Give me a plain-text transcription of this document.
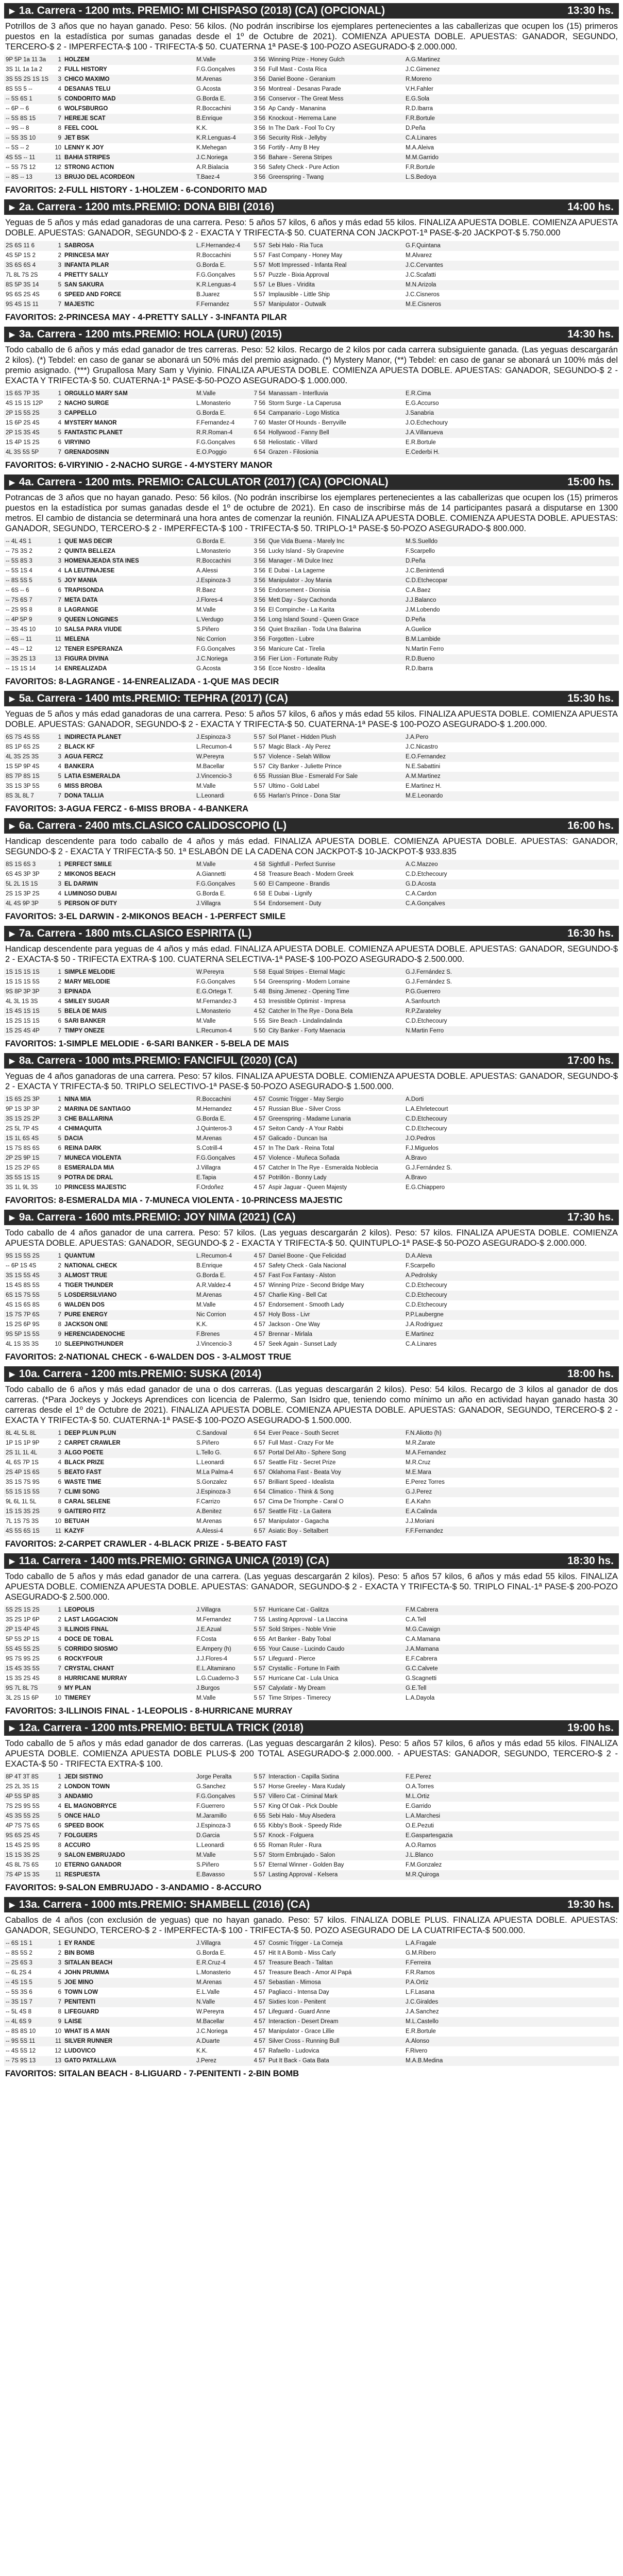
▶ 1a. Carrera - 1200 mts. PREMIO: MI CHISPASO (2018) (CA) (OPCIONAL)	13:30 hs.
Potrillos de 3 años que no hayan ganado. Peso: 56 kilos. (No podrán inscribirse los ejemplares pertenecientes a las caballerizas que ocupen los (15) primeros puestos en la estadística por sumas ganadas desde el 1º de Octubre de 2021). COMIENZA APUESTA DOBLE. APUESTAS: GANADOR, SEGUNDO, TERCERO-$ 2 - IMPERFECTA-$ 100 - TRIFECTA-$ 50. CUATERNA 1ª PASE-$ 100-POZO ASEGURADO-$ 2.000.000.
9P 5P 1a 11 3a	1	HOLZEM	M.Valle	3 56	Winning Prize - Honey Gulch	A.G.Martinez
3S 1L 1a 1a 2	2	FULL HISTORY	F.G.Gonçalves	3 56	Full Mast - Costa Rica	J.C.Gimenez
3S 5S 2S 1S 1S	3	CHICO MAXIMO	M.Arenas	3 56	Daniel Boone - Geranium	R.Moreno
8S 5S 5 --	4	DESANAS TELU	G.Acosta	3 56	Montreal - Desanas Parade	V.H.Fahler
-- 5S 6S 1	5	CONDORITO MAD	G.Borda E.	3 56	Conservor - The Great Mess	E.G.Sola
-- 6P -- 6	6	WOLFSBURGO	R.Boccachini	3 56	Ap Candy - Mananina	R.D.Ibarra
-- 5S 8S 15	7	HEREJE SCAT	B.Enrique	3 56	Knockout - Herrema Lane	F.R.Bortule
-- 9S -- 8	8	FEEL COOL	K.K.	3 56	In The Dark - Fool To Cry	D.Peña
-- 5S 3S 10	9	JET BSK	K.R.Lenguas-4	3 56	Security Risk - Jellyby	C.A.Linares
-- 5S -- 2	10	LENNY K JOY	K.Mehegan	3 56	Fortify - Amy B Hey	M.A.Aleiva
4S 5S -- 11	11	BAHIA STRIPES	J.C.Noriega	3 56	Bahare - Serena Stripes	M.M.Garrido
-- 5S 7S 12	12	STRONG ACTION	A.R.Bialacia	3 56	Safety Check - Pure Action	F.R.Bortule
-- 8S -- 13	13	BRUJO DEL ACORDEON	T.Baez-4	3 56	Greenspring - Twang	L.S.Bedoya
FAVORITOS: 2-FULL HISTORY - 1-HOLZEM - 6-CONDORITO MAD
▶ 2a. Carrera - 1200 mts.PREMIO: DONA BIBI (2016)	14:00 hs.
Yeguas de 5 años y más edad ganadoras de una carrera. Peso: 5 años 57 kilos, 6 años y más edad 55 kilos. FINALIZA APUESTA DOBLE. COMIENZA APUESTA DOBLE. APUESTAS: GANADOR, SEGUNDO-$ 2 - EXACTA Y TRIFECTA-$ 50. CUATERNA CON JACKPOT-1ª PASE-$-20 JACKPOT-$ 5.750.000
2S 6S 11 6	1	SABROSA	L.F.Hernandez-4	5 57	Sebi Halo - Ria Tuca	G.F.Quintana
4S 5P 1S 2	2	PRINCESA MAY	R.Boccachini	5 57	Fast Company - Honey May	M.Alvarez
3S 6S 6S 4	3	INFANTA PILAR	G.Borda E.	5 57	Mott Impressed - Infanta Real	J.C.Cervantes
7L 8L 7S 2S	4	PRETTY SALLY	F.G.Gonçalves	5 57	Puzzle - Bixia Approval	J.C.Scafatti
8S 5P 3S 14	5	SAN SAKURA	K.R.Lenguas-4	5 57	Le Blues - Viridita	M.N.Arizola
9S 6S 2S 4S	6	SPEED AND FORCE	B.Juarez	5 57	Implausible - Little Ship	J.C.Cisneros
9S 4S 1S 11	7	MAJESTIC	F.Fernandez	5 57	Manipulator - Outwalk	M.E.Cisneros
FAVORITOS: 2-PRINCESA MAY - 4-PRETTY SALLY - 3-INFANTA PILAR
▶ 3a. Carrera - 1200 mts.PREMIO: HOLA (URU) (2015)	14:30 hs.
Todo caballo de 6 años y más edad ganador de tres carreras. Peso: 52 kilos. Recargo de 2 kilos por cada carrera subsiguiente ganada. (Las yeguas descargarán 2 kilos). (*) Tebdel: en caso de ganar se abonará un 50% más del premio asignado. (*) Mystery Manor, (**) Tebdel: en caso de ganar se abonará un 100% más del premio asignado. (***) Grupallosa Mary Sam y Viyinio. FINALIZA APUESTA DOBLE. COMIENZA APUESTA DOBLE. APUESTAS: GANADOR, SEGUNDO-$ 2 - EXACTA Y TRIFECTA-$ 50. CUATERNA-1ª PASE-$-50-POZO ASEGURADO-$ 1.000.000.
1S 6S 7P 3S	1	ORGULLO MARY SAM	M.Valle	7 54	Manassam - Interlluvia	E.R.Cima
4S 1S 1S 12P	2	NACHO SURGE	L.Monasterio	7 56	Storm Surge - La Caperusa	E.G.Accurso
2P 1S 5S 2S	3	CAPPELLO	G.Borda E.	6 54	Campanario - Logo Mistica	J.Sanabria
1S 6P 2S 4S	4	MYSTERY MANOR	F.Fernandez-4	7 60	Master Of Hounds - Berryville	J.O.Echechoury
2P 1S 3S 4S	5	FANTASTIC PLANET	R.R.Roman-4	6 54	Hollywood - Fanny Bell	J.A.Villanueva
1S 4P 1S 2S	6	VIRYINIO	F.G.Gonçalves	6 58	Heliostatic - Villard	E.R.Bortule
4L 3S 5S 5P	7	GRENADOSINN	E.O.Poggio	6 54	Grazen - Filosionia	E.Cederbi H.
FAVORITOS: 6-VIRYINIO - 2-NACHO SURGE - 4-MYSTERY MANOR
▶ 4a. Carrera - 1200 mts. PREMIO: CALCULATOR (2017) (CA) (OPCIONAL)	15:00 hs.
Potrancas de 3 años que no hayan ganado. Peso: 56 kilos. (No podrán inscribirse los ejemplares pertenecientes a las caballerizas que ocupen los (15) primeros puestos en la estadística por sumas ganadas desde el 1º de octubre de 2021). En caso de inscribirse más de 14 participantes pasará a disputarse en 1300 metros. El cambio de distancia se determinará una hora antes de comenzar la reunión. FINALIZA APUESTA DOBLE. COMIENZA APUESTA DOBLE. APUESTAS: GANADOR, SEGUNDO, TERCERO-$ 2 - IMPERFECTA-$ 100 - TRIFECTA-$ 50. TRIPLO-1ª PASE-$ 50-POZO ASEGURADO-$ 800.000.
-- 4L 4S 1	1	QUE MAS DECIR	G.Borda E.	3 56	Que Vida Buena - Marely Inc	M.S.Suelldo
-- 7S 3S 2	2	QUINTA BELLEZA	L.Monasterio	3 56	Lucky Island - Sly Grapevine	F.Scarpello
-- 5S 8S 3	3	HOMENAJEADA STA INES	R.Boccachini	3 56	Manager - Mi Dulce Inez	D.Peña
-- 5S 1S 4	4	LA LEUTINAJESE	A.Alessi	3 56	E Dubai - La Lagerne	J.C.Benintendi
-- 8S 5S 5	5	JOY MANIA	J.Espinoza-3	3 56	Manipulator - Joy Mania	C.D.Etchecopar
-- 6S -- 6	6	TRAPISONDA	R.Baez	3 56	Endorsement - Dionisia	C.A.Baez
-- 7S 6S 7	7	META DATA	J.Flores-4	3 56	Mett Day - Soy Cachonda	J.J.Balanco
-- 2S 9S 8	8	LAGRANGE	M.Valle	3 56	El Compinche - La Karita	J.M.Lobendo
-- 4P 5P 9	9	QUEEN LONGINES	L.Verdugo	3 56	Long Island Sound - Queen Grace	D.Peña
-- 3S 4S 10	10	SALSA PARA VIUDE	S.Piñero	3 56	Quiet Brazilian - Toda Una Balarina	A.Guelice
-- 6S -- 11	11	MELENA	Nic Corrion	3 56	Forgotten - Lubre	B.M.Lambide
-- 4S -- 12	12	TENER ESPERANZA	F.G.Gonçalves	3 56	Manicure Cat - Tirelia	N.Martin Ferro
-- 3S 2S 13	13	FIGURA DIVINA	J.C.Noriega	3 56	Fier Lion - Fortunate Ruby	R.D.Bueno
-- 1S 1S 14	14	ENREALIZADA	G.Acosta	3 56	Ecce Nostro - Idealita	R.D.Ibarra
FAVORITOS: 8-LAGRANGE - 14-ENREALIZADA - 1-QUE MAS DECIR
▶ 5a. Carrera - 1400 mts.PREMIO: TEPHRA (2017) (CA)	15:30 hs.
Yeguas de 5 años y más edad ganadoras de una carrera. Peso: 5 años 57 kilos, 6 años y más edad 55 kilos. FINALIZA APUESTA DOBLE. COMIENZA APUESTA DOBLE. APUESTAS: GANADOR, SEGUNDO-$ 2 - EXACTA Y TRIFECTA-$ 50. CUATERNA-1ª PASE-$ 100-POZO ASEGURADO-$ 1.200.000.
6S 7S 4S 5S	1	INDIRECTA PLANET	J.Espinoza-3	5 57	Sol Planet - Hidden Plush	J.A.Pero
8S 1P 6S 2S	2	BLACK KF	L.Recumon-4	5 57	Magic Black - Aly Perez	J.C.Nicastro
4L 3S 2S 3S	3	AGUA FERCZ	W.Pereyra	5 57	Violence - Selah Willow	E.O.Fernandez
1S 5P 9P 4S	4	BANKERA	M.Bacellar	5 57	City Banker - Juliette Prince	N.E.Sabattini
8S 7P 8S 1S	5	LATIA ESMERALDA	J.Vincencio-3	6 55	Russian Blue - Esmerald For Sale	A.M.Martinez
3S 1S 3P 5S	6	MISS BROBA	M.Valle	5 57	Ultimo - Gold Label	E.Martinez H.
8S 3L 8L 7	7	DONA TALLIA	L.Leonardi	6 55	Harlan's Prince - Dona Star	M.E.Leonardo
FAVORITOS: 3-AGUA FERCZ - 6-MISS BROBA - 4-BANKERA
▶ 6a. Carrera - 2400 mts.CLASICO CALIDOSCOPIO (L)	16:00 hs.
Handicap descendente para todo caballo de 4 años y más edad. FINALIZA APUESTA DOBLE. COMIENZA APUESTA DOBLE. APUESTAS: GANADOR, SEGUNDO-$ 2 - EXACTA Y TRIFECTA-$ 50. 1ª ESLABÓN DE LA CADENA CON JACKPOT-$ 10-JACKPOT-$ 933.835
8S 1S 6S 3	1	PERFECT SMILE	M.Valle	4 58	Sightfull - Perfect Sunrise	A.C.Mazzeo
6S 4S 3P 3P	2	MIKONOS BEACH	A.Giannetti	4 58	Treasure Beach - Modern Greek	C.D.Etchecoury
5L 2L 1S 1S	3	EL DARWIN	F.G.Gonçalves	5 60	El Campeone - Brandis	G.D.Acosta
2S 1S 3P 2S	4	LUMINOSO DUBAI	G.Borda E.	6 58	E Dubai - Lignify	C.A.Cardon
4L 4S 9P 3P	5	PERSON OF DUTY	J.Villagra	5 54	Endorsement - Duty	C.A.Gonçalves
FAVORITOS: 3-EL DARWIN - 2-MIKONOS BEACH - 1-PERFECT SMILE
▶ 7a. Carrera - 1800 mts.CLASICO ESPIRITA (L)	16:30 hs.
Handicap descendente para yeguas de 4 años y más edad. FINALIZA APUESTA DOBLE. COMIENZA APUESTA DOBLE. APUESTAS: GANADOR, SEGUNDO-$ 2 - EXACTA-$ 50 - TRIFECTA EXTRA-$ 100. CUATERNA SELECTIVA-1ª PASE-$ 100-POZO ASEGURADO-$ 2.500.000.
1S 1S 1S 1S	1	SIMPLE MELODIE	W.Pereyra	5 58	Equal Stripes - Eternal Magic	G.J.Fernández S.
1S 1S 1S 5S	2	MARY MELODIE	F.G.Gonçalves	5 54	Greenspring - Modern Lorraine	G.J.Fernández S.
9S 8P 3P 3P	3	EPINADA	E.G.Ortega T.	5 48	Bsing Jimenez - Opening Time	P.G.Guerrero
4L 3L 1S 3S	4	SMILEY SUGAR	M.Fernandez-3	4 53	Irresistible Optimist - Impresa	A.Sanfourtch
1S 4S 1S 1S	5	BELA DE MAIS	L.Monasterio	4 52	Catcher In The Rye - Dona Bela	R.P.Zarateley
1S 2S 1S 1S	6	SARI BANKER	M.Valle	5 55	Sire Beach - Lindalindalinda	C.D.Etchecoury
1S 2S 4S 4P	7	TIMPY ONEZE	L.Recumon-4	5 50	City Banker - Forty Maenacia	N.Martin Ferro
FAVORITOS: 1-SIMPLE MELODIE - 6-SARI BANKER - 5-BELA DE MAIS
▶ 8a. Carrera - 1000 mts.PREMIO: FANCIFUL (2020) (CA)	17:00 hs.
Yeguas de 4 años ganadoras de una carrera. Peso: 57 kilos. FINALIZA APUESTA DOBLE. COMIENZA APUESTA DOBLE. APUESTAS: GANADOR, SEGUNDO-$ 2 - EXACTA Y TRIFECTA-$ 50. TRIPLO SELECTIVO-1ª PASE-$ 50-POZO ASEGURADO-$ 1.500.000.
1S 6S 2S 3P	1	NINA MIA	R.Boccachini	4 57	Cosmic Trigger - May Sergio	A.Dorti
9P 1S 3P 3P	2	MARINA DE SANTIAGO	M.Hernandez	4 57	Russian Blue - Silver Cross	L.A.Ehrletecourt
3S 1S 2S 2P	3	CHE BALLARINA	G.Borda E.	4 57	Greenspring - Madame Lunaria	C.D.Etchecoury
2S 5L 7P 4S	4	CHIMAQUITA	J.Quinteros-3	4 57	Seiton Candy - A Your Rabbi	C.D.Etchecoury
1S 1L 6S 4S	5	DACIA	M.Arenas	4 57	Galicado - Duncan Isa	J.O.Pedros
1S 7S 8S 6S	6	REINA DARK	S.Cotrill-4	4 57	In The Dark - Reina Total	F.J.Miguelos
2P 2S 9P 1S	7	MUNECA VIOLENTA	F.G.Gonçalves	4 57	Violence - Muñeca Soñada	A.Bravo
1S 2S 2P 6S	8	ESMERALDA MIA	J.Villagra	4 57	Catcher In The Rye - Esmeralda Noblecia	G.J.Fernández S.
3S 5S 1S 1S	9	POTRA DE DRAL	E.Tapia	4 57	Potrillón - Bonny Lady	A.Bravo
3S 1L 9L 3S	10	PRINCESS MAJESTIC	F.Ordoñez	4 57	Aspir Jaguar - Queen Majesty	E.G.Chiappero
FAVORITOS: 8-ESMERALDA MIA - 7-MUNECA VIOLENTA - 10-PRINCESS MAJESTIC
▶ 9a. Carrera - 1600 mts.PREMIO: JOY NIMA (2021) (CA)	17:30 hs.
Todo caballo de 4 años ganador de una carrera. Peso: 57 kilos. (Las yeguas descargarán 2 kilos). Peso: 57 kilos. FINALIZA APUESTA DOBLE. COMIENZA APUESTA DOBLE. APUESTAS: GANADOR, SEGUNDO-$ 2 - EXACTA Y TRIFECTA-$ 50. QUINTUPLO-1ª PASE-$ 50-POZO ASEGURADO-$ 2.000.000.
9S 1S 5S 2S	1	QUANTUM	L.Recumon-4	4 57	Daniel Boone - Que Felicidad	D.A.Aleva
-- 6P 1S 4S	2	NATIONAL CHECK	B.Enrique	4 57	Safety Check - Gala Nacional	F.Scarpello
3S 1S 5S 4S	3	ALMOST TRUE	G.Borda E.	4 57	Fast Fox Fantasy - Alston	A.Pedrolsky
1S 4S 8S 5S	4	TIGER THUNDER	A.R.Valdez-4	4 57	Winning Prize - Second Bridge Mary	C.D.Etchecoury
6S 1S 7S 5S	5	LOSDERSILVIANO	M.Arenas	4 57	Charlie King - Bell Cat	C.D.Etchecoury
4S 1S 6S 8S	6	WALDEN DOS	M.Valle	4 57	Endorsement - Smooth Lady	C.D.Etchecoury
1S 7S 7P 6S	7	PURE ENERGY	Nic Corrion	4 57	Holy Boss - Livr	P.P.Laubergne
1S 2S 6P 9S	8	JACKSON ONE	K.K.	4 57	Jackson - One Way	J.A.Rodriguez
9S 5P 1S 5S	9	HERENCIADENOCHE	F.Brenes	4 57	Brennar - Mirlala	E.Martinez
4L 1S 3S 3S	10	SLEEPINGTHUNDER	J.Vincencio-3	4 57	Seek Again - Sunset Lady	C.A.Linares
FAVORITOS: 2-NATIONAL CHECK - 6-WALDEN DOS - 3-ALMOST TRUE
▶ 10a. Carrera - 1200 mts.PREMIO: SUSKA (2014)	18:00 hs.
Todo caballo de 6 años y más edad ganador de una o dos carreras. (Las yeguas descargarán 2 kilos). Peso: 54 kilos. Recargo de 3 kilos al ganador de dos carreras. (*Para Jockeys y Jockeys Aprendices con licencia de Palermo, San Isidro que, teniendo como mínimo un año en actividad hayan ganado hasta 30 carreras desde el 1º de Octubre de 2021). FINALIZA APUESTA DOBLE. COMIENZA APUESTA DOBLE. APUESTAS: GANADOR, SEGUNDO, TERCERO-$ 2 - EXACTA Y TRIFECTA-$ 50. CUATERNA-1ª PASE-$ 100-POZO ASEGURADO-$ 1.500.000.
8L 4L 5L 8L	1	DEEP PLUN PLUN	C.Sandoval	6 54	Ever Peace - South Secret	F.N.Aliotto (h)
1P 1S 1P 9P	2	CARPET CRAWLER	S.Piñero	6 57	Full Mast - Crazy For Me	M.R.Zarate
2S 1L 1L 4L	3	ALGO POETE	L.Tello G.	6 57	Portal Del Alto - Sphere Song	M.A.Fernandez
4L 6S 7P 1S	4	BLACK PRIZE	L.Leonardi	6 57	Seattle Fitz - Secret Prize	M.R.Cruz
2S 4P 1S 6S	5	BEATO FAST	M.La Palma-4	6 57	Oklahoma Fast - Beata Voy	M.E.Mara
3S 1S 7S 9S	6	WASTE TIME	S.Gonzalez	6 57	Brilliant Speed - Idealista	E.Perez Torres
5S 1S 1S 5S	7	CLIMI SONG	J.Espinoza-3	6 54	Climatico - Think & Song	G.J.Perez
9L 6L 1L 5L	8	CARAL SELENE	F.Carrizo	6 57	Cima De Triomphe - Caral O	E.A.Kahn
1S 1S 3S 2S	9	GAITERO FITZ	A.Benitez	6 57	Seattle Fitz - La Gaitera	E.A.Calinda
7L 1S 7S 3S	10	BETUAH	M.Arenas	6 57	Manipulator - Gagacha	J.J.Moriani
4S 5S 6S 1S	11	KAZYF	A.Alessi-4	6 57	Asiatic Boy - Seltalbert	F.F.Fernandez
FAVORITOS: 2-CARPET CRAWLER - 4-BLACK PRIZE - 5-BEATO FAST
▶ 11a. Carrera - 1400 mts.PREMIO: GRINGA UNICA (2019) (CA)	18:30 hs.
Todo caballo de 5 años y más edad ganador de una carrera. (Las yeguas descargarán 2 kilos). Peso: 5 años 57 kilos, 6 años y más edad 55 kilos. FINALIZA APUESTA DOBLE. COMIENZA APUESTA DOBLE. APUESTAS: GANADOR, SEGUNDO-$ 2 - EXACTA Y TRIFECTA-$ 50. TRIPLO FINAL-1ª PASE-$ 200-POZO ASEGURADO-$ 2.500.000.
5S 2S 1S 2S	1	LEOPOLIS	J.Villagra	5 57	Hurricane Cat - Galitza	F.M.Cabrera
3S 2S 1P 6P	2	LAST LAGGACION	M.Fernandez	7 55	Lasting Approval - La Llaccina	C.A.Tell
2P 1S 4P 4S	3	ILLINOIS FINAL	J.E.Azual	5 57	Sold Stripes - Noble Vinie	M.G.Cavaign
5P 5S 2P 1S	4	DOCE DE TOBAL	F.Costa	6 55	Art Banker - Baby Tobal	C.A.Mamana
5S 4S 5S 2S	5	CORRIDO SIOSMO	E.Ampery (h)	6 55	Your Cause - Lucindo Caudo	J.A.Mamana
9S 7S 9S 2S	6	ROCKYFOUR	J.J.Flores-4	5 57	Lifeguard - Pierce	E.F.Cabrera
1S 4S 3S 5S	7	CRYSTAL CHANT	E.L.Altamirano	5 57	Crystallic - Fortune In Faith	G.C.Calvete
1S 3S 2S 4S	8	HURRICANE MURRAY	L.G.Cuaderno-3	5 57	Hurricane Cat - Lula Unica	G.Scagnetti
9S 7L 8L 7S	9	MY PLAN	J.Burgos	5 57	Calyxlatir - My Dream	G.E.Tell
3L 2S 1S 6P	10	TIMEREY	M.Valle	5 57	Time Stripes - Timerecy	L.A.Dayola
FAVORITOS: 3-ILLINOIS FINAL - 1-LEOPOLIS - 8-HURRICANE MURRAY
▶ 12a. Carrera - 1200 mts.PREMIO: BETULA TRICK (2018)	19:00 hs.
Todo caballo de 5 años y más edad ganador de dos carreras. (Las yeguas descargarán 2 kilos). Peso: 5 años 57 kilos, 6 años y más edad 55 kilos. FINALIZA APUESTA DOBLE. COMIENZA APUESTA DOBLE PLUS-$ 200 TOTAL ASEGURADO-$ 2.000.000. - APUESTAS: GANADOR, SEGUNDO, TERCERO-$ 2 - EXACTA-$ 50 - TRIFECTA EXTRA-$ 100.
8P 4T 3T 8S	1	JEDI SISTINO	Jorge Peralta	5 57	Interaction - Capilla Sixtina	F.E.Perez
2S 2L 3S 1S	2	LONDON TOWN	G.Sanchez	5 57	Horse Greeley - Mara Kudaly	O.A.Torres
4P 5S 5P 8S	3	ANDAMIO	F.G.Gonçalves	5 57	Villero Cat - Criminal Mark	M.L.Ortiz
7S 2S 9S 5S	4	EL MAGNOBRYCE	F.Guerrero	5 57	King Of Oak - Pick Double	E.Garrido
4S 3S 5S 2S	5	ONCE HALO	M.Jaramillo	6 55	Sebi Halo - Muy Alsedera	L.A.Marchesi
4P 7S 7S 6S	6	SPEED BOOK	J.Espinoza-3	6 55	Kibby's Book - Speedy Ride	O.E.Pezuti
9S 6S 2S 4S	7	FOLGUERS	D.Garcia	5 57	Knock - Folguera	E.Gaspartesgazia
1S 4S 2S 9S	8	ACCURO	L.Leonardi	6 55	Roman Ruler - Rura	A.O.Ramos
1S 1S 3S 2S	9	SALON EMBRUJADO	M.Valle	5 57	Storm Embrujado - Salon	J.L.Blanco
4S 8L 7S 6S	10	ETERNO GANADOR	S.Piñero	5 57	Eternal Winner - Golden Bay	F.M.Gonzalez
7S 4P 1S 3S	11	RESPUESTA	E.Bavasso	5 57	Lasting Approval - Kelsera	M.R.Quiroga
FAVORITOS: 9-SALON EMBRUJADO - 3-ANDAMIO - 8-ACCURO
▶ 13a. Carrera - 1000 mts.PREMIO: SHAMBELL (2016) (CA)	19:30 hs.
Caballos de 4 años (con exclusión de yeguas) que no hayan ganado. Peso: 57 kilos. FINALIZA DOBLE PLUS. FINALIZA APUESTA DOBLE. APUESTAS: GANADOR, SEGUNDO, TERCERO-$ 2 - IMPERFECTA-$ 100 - TRIFECTA-$ 50. POZO ASEGURADO DE LA CUATRIFECTA-$ 500.000.
-- 6S 1S 1	1	EY RANDE	J.Villagra	4 57	Cosmic Trigger - La Corneja	L.A.Fragale
-- 8S 5S 2	2	BIN BOMB	G.Borda E.	4 57	Hit It A Bomb - Miss Carly	G.M.Ribero
-- 2S 6S 3	3	SITALAN BEACH	E.R.Cruz-4	4 57	Treasure Beach - Talitan	F.Ferreira
-- 6L 2S 4	4	JOHN PRUMMA	L.Monasterio	4 57	Treasure Beach - Amor Al Papá	F.R.Ramos
-- 4S 1S 5	5	JOE MINO	M.Arenas	4 57	Sebastian - Mimosa	P.A.Ortiz
-- 5S 3S 6	6	TOWN LOW	E.L.Valle	4 57	Pagliacci - Intensa Day	L.F.Lasana
-- 3S 1S 7	7	PENITENTI	N.Valle	4 57	Sixties Icon - Penitent	J.C.Giraldes
-- 5L 4S 8	8	LIFEGUARD	W.Pereyra	4 57	Lifeguard - Guard Anne	J.A.Sanchez
-- 4L 6S 9	9	LAISE	M.Bacellar	4 57	Interaction - Desert Dream	M.L.Castello
-- 8S 8S 10	10	WHAT IS A MAN	J.C.Noriega	4 57	Manipulator - Grace Lillie	E.R.Bortule
-- 9S 5S 11	11	SILVER RUNNER	A.Duarte	4 57	Silver Cross - Running Bull	A.Alonso
-- 4S 5S 12	12	LUDOVICO	K.K.	4 57	Rafaello - Ludovica	F.Rivero
-- 7S 9S 13	13	GATO PATALLAVA	J.Perez	4 57	Put It Back - Gata Bata	M.A.B.Medina
FAVORITOS: SITALAN BEACH - 8-LIGUARD - 7-PENITENTI - 2-BIN BOMB
